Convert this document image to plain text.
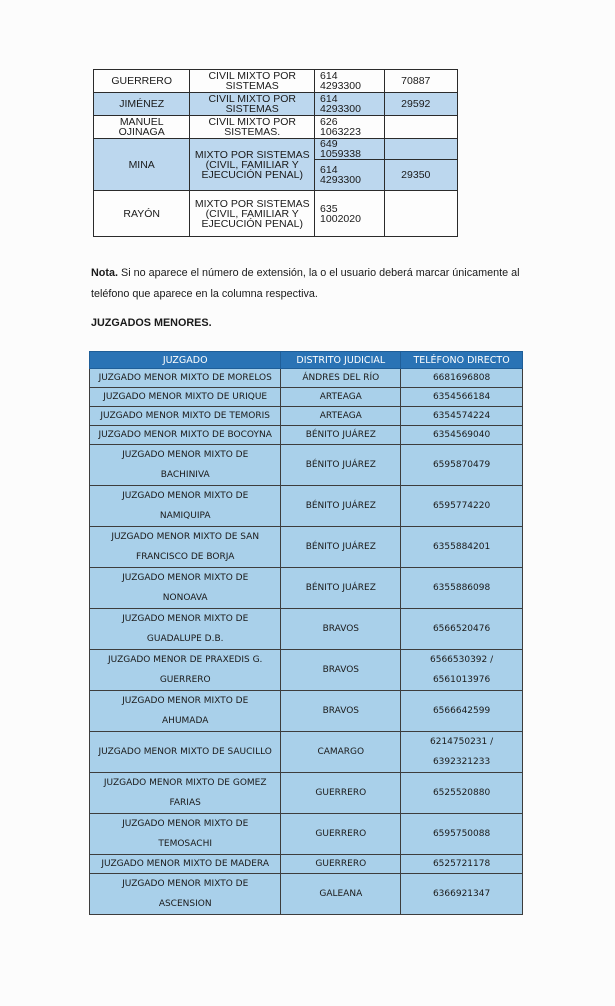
GUERRERO	CIVIL MIXTO POR
SISTEMAS	614 4293300	70887
JIMÉNEZ	CIVIL MIXTO POR
SISTEMAS	614 4293300	29592
MANUEL OJINAGA	CIVIL MIXTO POR
SISTEMAS.	626 1063223	
MINA	MIXTO POR SISTEMAS
(CIVIL, FAMILIAR Y
EJECUCIÓN PENAL)	649 1059338	
		614 4293300	29350
RAYÓN	MIXTO POR SISTEMAS
(CIVIL, FAMILIAR Y
EJECUCIÓN PENAL)	635 1002020	
Nota. Si no aparece el número de extensión, la o el usuario deberá marcar únicamente al teléfono que aparece en la columna respectiva.
JUZGADOS MENORES.
JUZGADO	DISTRITO JUDICIAL	TELÉFONO DIRECTO
JUZGADO MENOR MIXTO DE MORELOS	ÁNDRES DEL RÍO	6681696808
JUZGADO MENOR MIXTO DE URIQUE	ARTEAGA	6354566184
JUZGADO MENOR MIXTO DE TEMORIS	ARTEAGA	6354574224
JUZGADO MENOR MIXTO DE BOCOYNA	BÉNITO JUÁREZ	6354569040
JUZGADO MENOR MIXTO DE
BACHINIVA	BÉNITO JUÁREZ	6595870479
JUZGADO MENOR MIXTO DE
NAMIQUIPA	BÉNITO JUÁREZ	6595774220
JUZGADO MENOR MIXTO DE SAN
FRANCISCO DE BORJA	BÉNITO JUÁREZ	6355884201
JUZGADO MENOR MIXTO DE
NONOAVA	BÉNITO JUÁREZ	6355886098
JUZGADO MENOR MIXTO DE
GUADALUPE D.B.	BRAVOS	6566520476
JUZGADO MENOR DE PRAXEDIS G.
GUERRERO	BRAVOS	6566530392 /
6561013976
JUZGADO MENOR MIXTO DE
AHUMADA	BRAVOS	6566642599
JUZGADO MENOR MIXTO DE SAUCILLO	CAMARGO	6214750231 /
6392321233
JUZGADO MENOR MIXTO DE GOMEZ
FARIAS	GUERRERO	6525520880
JUZGADO MENOR MIXTO DE
TEMOSACHI	GUERRERO	6595750088
JUZGADO MENOR MIXTO DE MADERA	GUERRERO	6525721178
JUZGADO MENOR MIXTO DE
ASCENSION	GALEANA	6366921347
